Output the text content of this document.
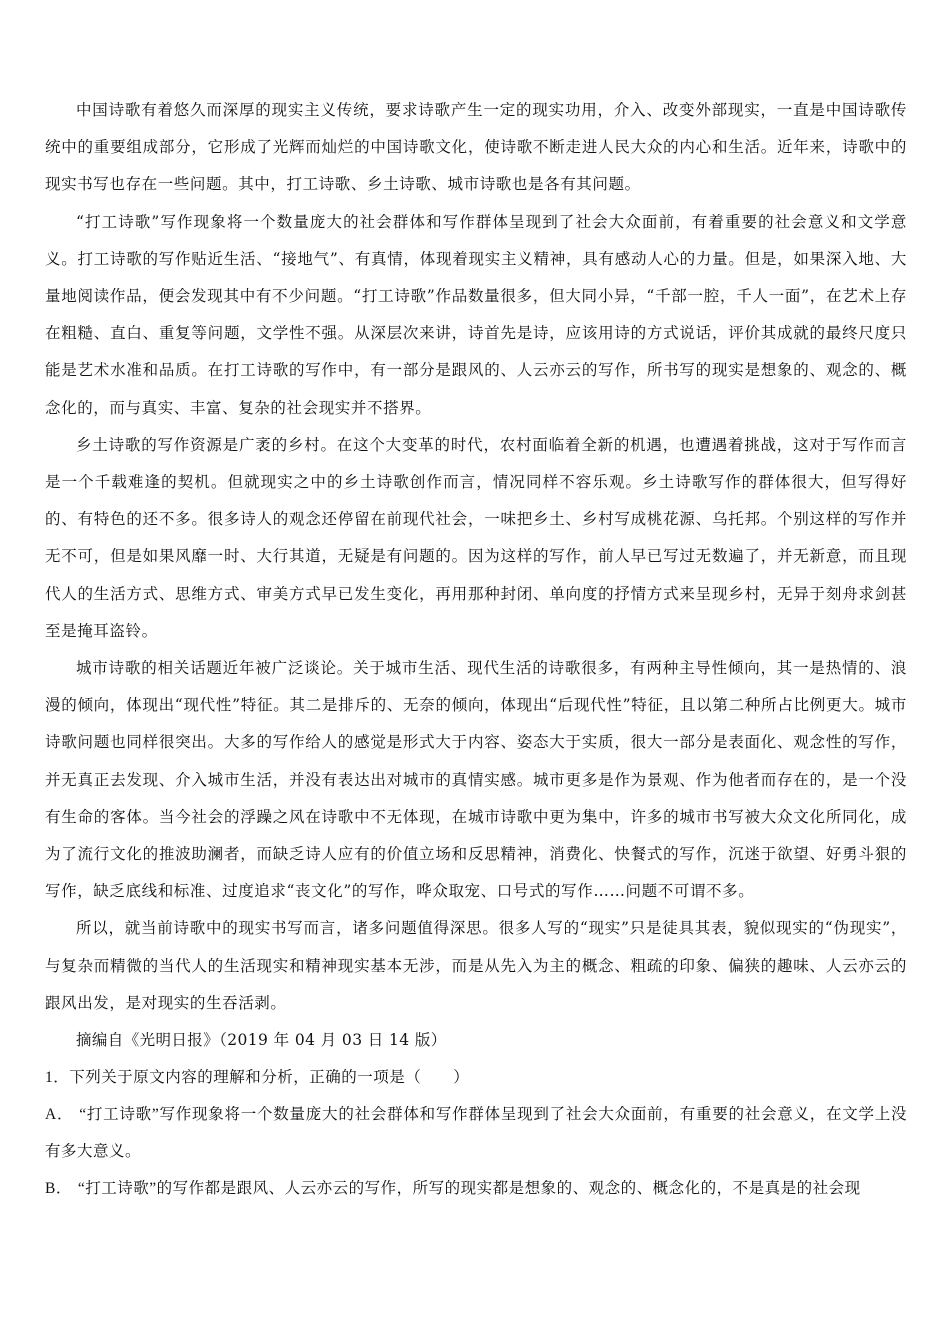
中国诗歌有着悠久而深厚的现实主义传统，要求诗歌产生一定的现实功用，介入、改变外部现实，一直是中国诗歌传统中的重要组成部分，它形成了光辉而灿烂的中国诗歌文化，使诗歌不断走进人民大众的内心和生活。近年来，诗歌中的现实书写也存在一些问题。其中，打工诗歌、乡土诗歌、城市诗歌也是各有其问题。

“打工诗歌”写作现象将一个数量庞大的社会群体和写作群体呈现到了社会大众面前，有着重要的社会意义和文学意义。打工诗歌的写作贴近生活、“接地气”、有真情，体现着现实主义精神，具有感动人心的力量。但是，如果深入地、大量地阅读作品，便会发现其中有不少问题。“打工诗歌”作品数量很多，但大同小异，“千部一腔，千人一面”，在艺术上存在粗糙、直白、重复等问题，文学性不强。从深层次来讲，诗首先是诗，应该用诗的方式说话，评价其成就的最终尺度只能是艺术水准和品质。在打工诗歌的写作中，有一部分是跟风的、人云亦云的写作，所书写的现实是想象的、观念的、概念化的，而与真实、丰富、复杂的社会现实并不搭界。

乡土诗歌的写作资源是广袤的乡村。在这个大变革的时代，农村面临着全新的机遇，也遭遇着挑战，这对于写作而言是一个千载难逢的契机。但就现实之中的乡土诗歌创作而言，情况同样不容乐观。乡土诗歌写作的群体很大，但写得好的、有特色的还不多。很多诗人的观念还停留在前现代社会，一味把乡土、乡村写成桃花源、乌托邦。个别这样的写作并无不可，但是如果风靡一时、大行其道，无疑是有问题的。因为这样的写作，前人早已写过无数遍了，并无新意，而且现代人的生活方式、思维方式、审美方式早已发生变化，再用那种封闭、单向度的抒情方式来呈现乡村，无异于刻舟求剑甚至是掩耳盗铃。

城市诗歌的相关话题近年被广泛谈论。关于城市生活、现代生活的诗歌很多，有两种主导性倾向，其一是热情的、浪漫的倾向，体现出“现代性”特征。其二是排斥的、无奈的倾向，体现出“后现代性”特征，且以第二种所占比例更大。城市诗歌问题也同样很突出。大多的写作给人的感觉是形式大于内容、姿态大于实质，很大一部分是表面化、观念性的写作，并无真正去发现、介入城市生活，并没有表达出对城市的真情实感。城市更多是作为景观、作为他者而存在的，是一个没有生命的客体。当今社会的浮躁之风在诗歌中不无体现，在城市诗歌中更为集中，许多的城市书写被大众文化所同化，成为了流行文化的推波助澜者，而缺乏诗人应有的价值立场和反思精神，消费化、快餐式的写作，沉迷于欲望、好勇斗狠的写作，缺乏底线和标准、过度追求“丧文化”的写作，哗众取宠、口号式的写作……问题不可谓不多。

所以，就当前诗歌中的现实书写而言，诸多问题值得深思。很多人写的“现实”只是徒具其表，貌似现实的“伪现实”，与复杂而精微的当代人的生活现实和精神现实基本无涉，而是从先入为主的概念、粗疏的印象、偏狭的趣味、人云亦云的跟风出发，是对现实的生吞活剥。

摘编自《光明日报》（2019 年 04 月 03 日 14 版）

1．下列关于原文内容的理解和分析，正确的一项是（　　）

A． “打工诗歌”写作现象将一个数量庞大的社会群体和写作群体呈现到了社会大众面前，有重要的社会意义，在文学上没有多大意义。

B． “打工诗歌”的写作都是跟风、人云亦云的写作，所写的现实都是想象的、观念的、概念化的，不是真是的社会现
